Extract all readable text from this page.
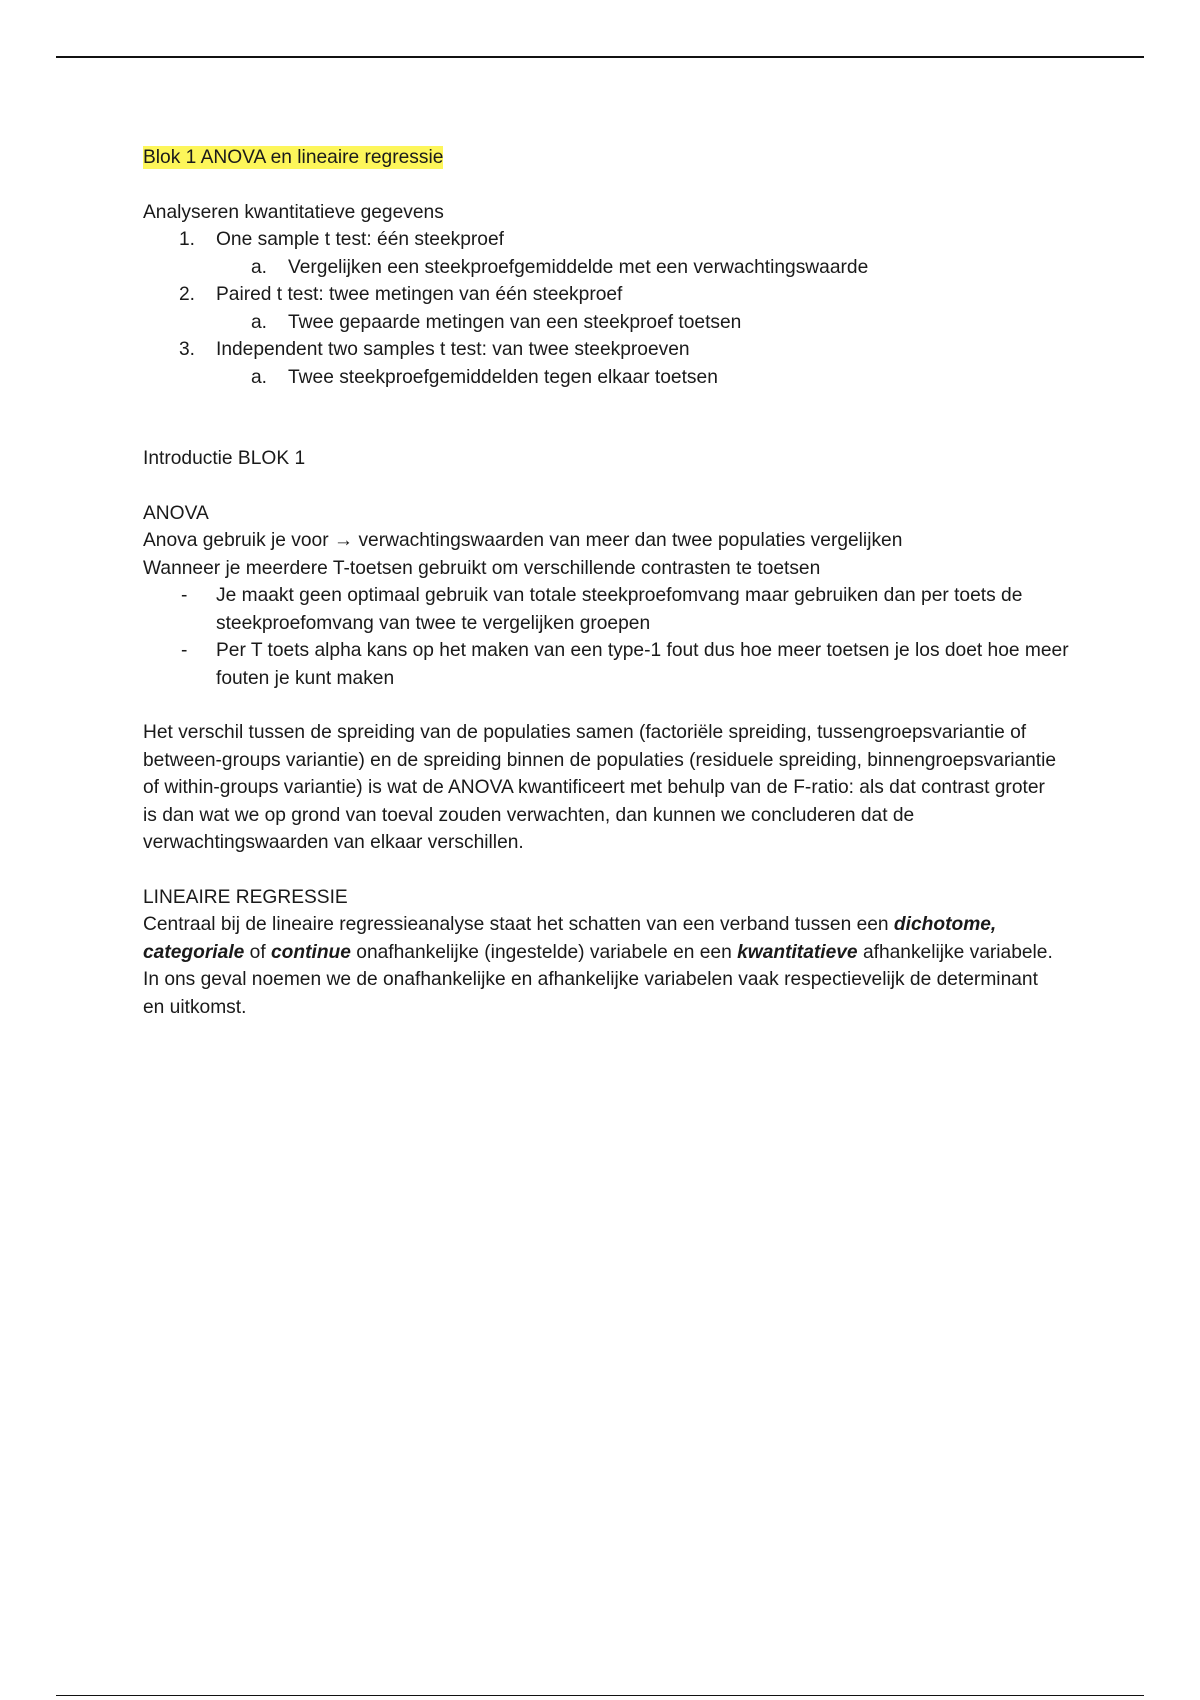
Blok 1 ANOVA en lineaire regressie
Analyseren kwantitatieve gegevens
1.	One sample t test: één steekproef
a.	Vergelijken een steekproefgemiddelde met een verwachtingswaarde
2.	Paired t test: twee metingen van één steekproef
a.	Twee gepaarde metingen van een steekproef toetsen
3.	Independent two samples t test: van twee steekproeven
a.	Twee steekproefgemiddelden tegen elkaar toetsen
Introductie BLOK 1
ANOVA
Anova gebruik je voor → verwachtingswaarden van meer dan twee populaties vergelijken
Wanneer je meerdere T-toetsen gebruikt om verschillende contrasten te toetsen
-	Je maakt geen optimaal gebruik van totale steekproefomvang maar gebruiken dan per toets de steekproefomvang van twee te vergelijken groepen
-	Per T toets alpha kans op het maken van een type-1 fout dus hoe meer toetsen je los doet hoe meer fouten je kunt maken
Het verschil tussen de spreiding van de populaties samen (factoriële spreiding, tussengroepsvariantie of between-groups variantie) en de spreiding binnen de populaties (residuele spreiding, binnengroepsvariantie of within-groups variantie) is wat de ANOVA kwantificeert met behulp van de F-ratio: als dat contrast groter is dan wat we op grond van toeval zouden verwachten, dan kunnen we concluderen dat de verwachtingswaarden van elkaar verschillen.
LINEAIRE REGRESSIE
Centraal bij de lineaire regressieanalyse staat het schatten van een verband tussen een dichotome, categoriale of continue onafhankelijke (ingestelde) variabele en een kwantitatieve afhankelijke variabele. In ons geval noemen we de onafhankelijke en afhankelijke variabelen vaak respectievelijk de determinant en uitkomst.
